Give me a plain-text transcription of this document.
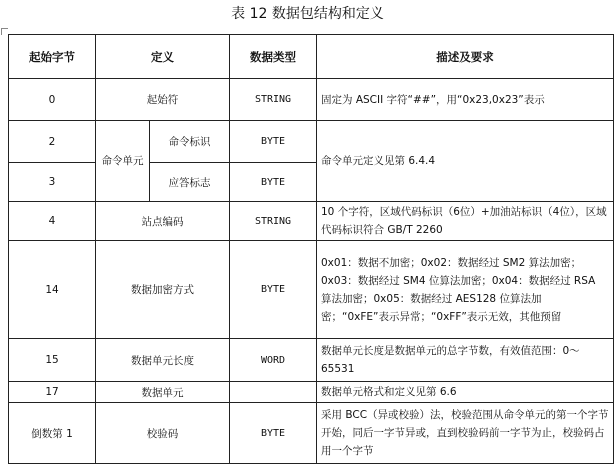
表 12 数据包结构和定义
起始字节	定义		数据类型	描述及要求
0	起始符		STRING	固定为 ASCII 字符“##”，用“0x23,0x23”表示
2	命令单元	命令标识	BYTE	命令单元定义见第 6.4.4
3		应答标志	BYTE	
4	站点编码		STRING	10 个字符，区域代码标识（6位）+加油站标识（4位），区域代码标识符合 GB/T 2260
14	数据加密方式		BYTE	0x01：数据不加密；0x02：数据经过 SM2 算法加密；0x03：数据经过 SM4 位算法加密；0x04：数据经过 RSA 算法加密；0x05：数据经过 AES128 位算法加密；“0xFE”表示异常；“0xFF”表示无效，其他预留
15	数据单元长度		WORD	数据单元长度是数据单元的总字节数，有效值范围：0～65531
17	数据单元			数据单元格式和定义见第 6.6
倒数第 1	校验码		BYTE	采用 BCC（异或校验）法，校验范围从命令单元的第一个字节开始，同后一字节异或，直到校验码前一字节为止，校验码占用一个字节
